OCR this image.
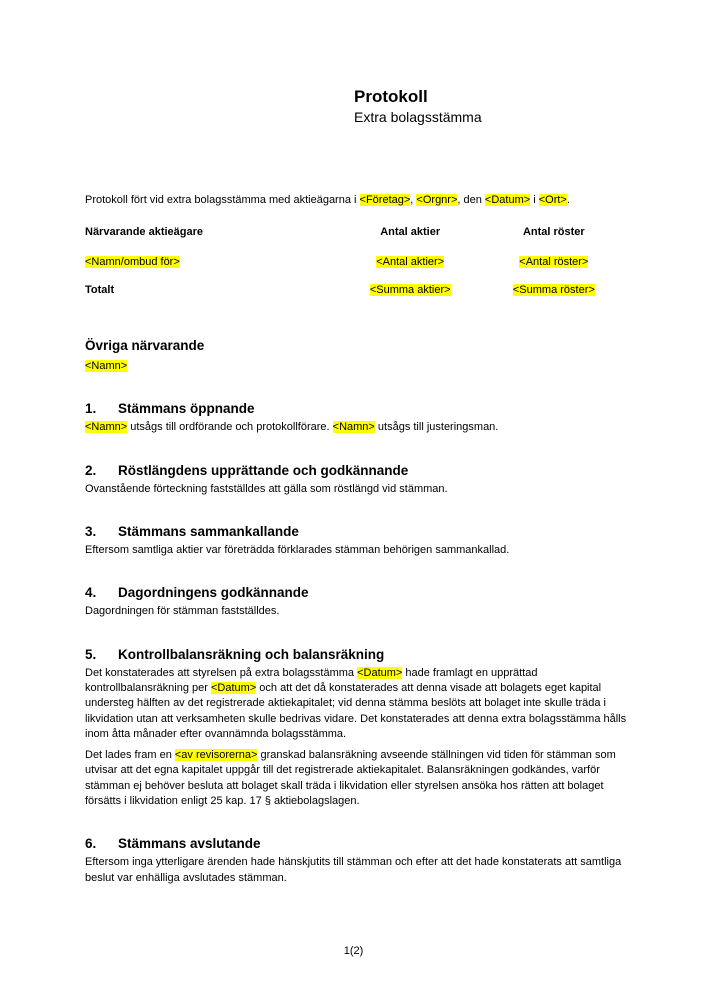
Protokoll
Extra bolagsstämma

Protokoll fört vid extra bolagsstämma med aktieägarna i <Företag>, <Orgnr>, den <Datum> i <Ort>.

Närvarande aktieägare	Antal aktier	Antal röster
<Namn/ombud för>	<Antal aktier>	<Antal röster>
Totalt	<Summa aktier>	<Summa röster>
Övriga närvarande
<Namn>
1.	Stämmans öppnande

<Namn> utsågs till ordförande och protokollförare. <Namn> utsågs till justeringsman.

2.	Röstlängdens upprättande och godkännande

Ovanstående förteckning fastställdes att gälla som röstlängd vid stämman.

3.	Stämmans sammankallande

Eftersom samtliga aktier var företrädda förklarades stämman behörigen sammankallad.

4.	Dagordningens godkännande

Dagordningen för stämman fastställdes.

5.	Kontrollbalansräkning och balansräkning

Det konstaterades att styrelsen på extra bolagsstämma <Datum> hade framlagt en upprättad kontrollbalansräkning per <Datum> och att det då konstaterades att denna visade att bolagets eget kapital understeg hälften av det registrerade aktiekapitalet; vid denna stämma beslöts att bolaget inte skulle träda i likvidation utan att verksamheten skulle bedrivas vidare. Det konstaterades att denna extra bolagsstämma hålls inom åtta månader efter ovannämnda bolagsstämma.

Det lades fram en <av revisorerna> granskad balansräkning avseende ställningen vid tiden för stämman som utvisar att det egna kapitalet uppgår till det registrerade aktiekapitalet. Balansräkningen godkändes, varför stämman ej behöver besluta att bolaget skall träda i likvidation eller styrelsen ansöka hos rätten att bolaget försätts i likvidation enligt 25 kap. 17 § aktiebolagslagen.

6.	Stämmans avslutande

Eftersom inga ytterligare ärenden hade hänskjutits till stämman och efter att det hade konstaterats att samtliga beslut var enhälliga avslutades stämman.

1(2)
